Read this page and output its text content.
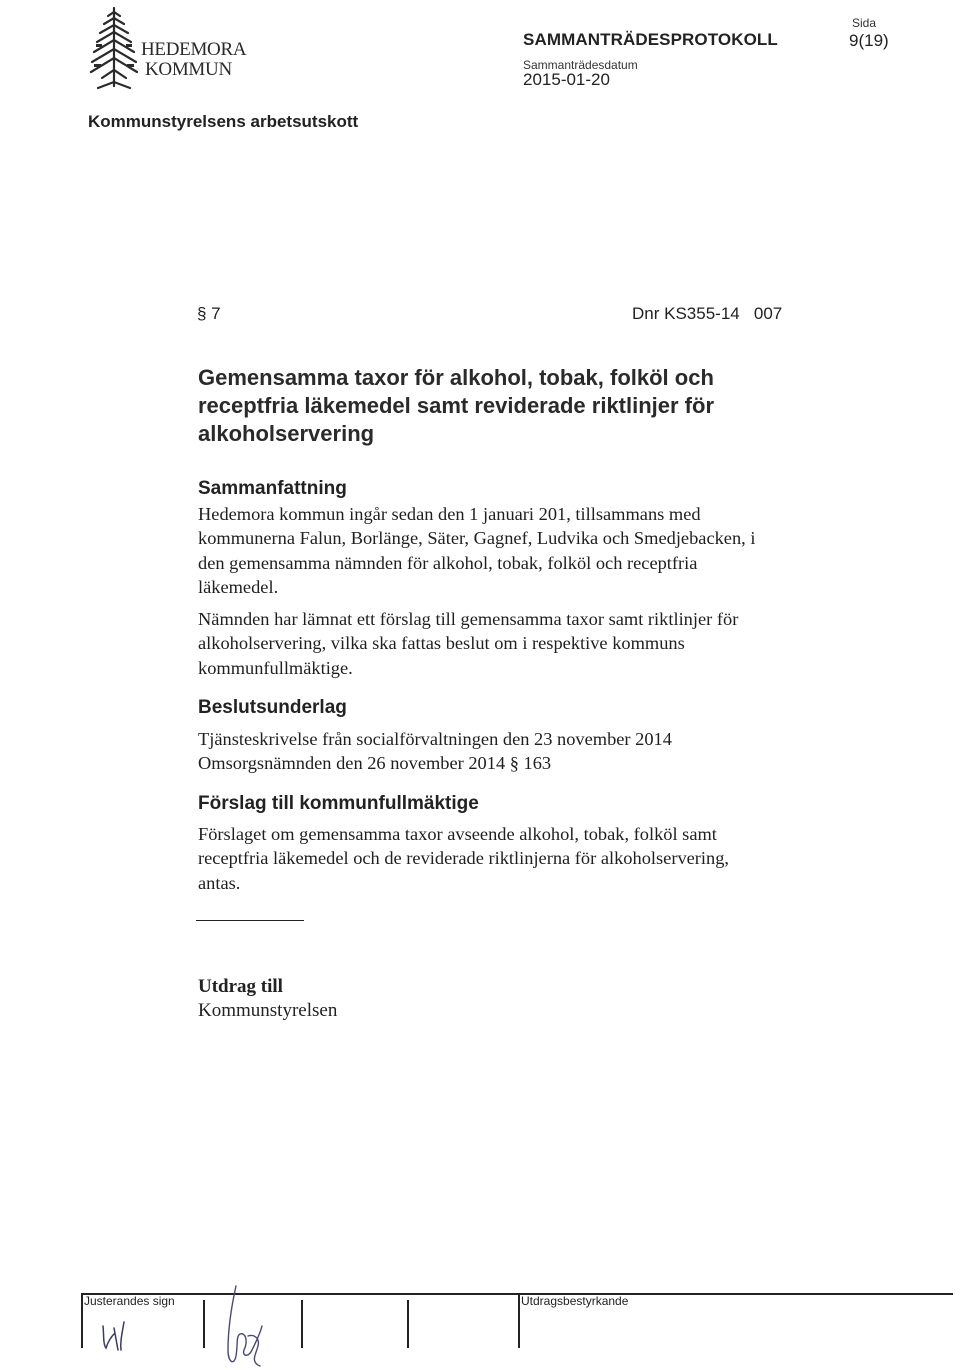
HEDEMORA
KOMMUN
SAMMANTRÄDESPROTOKOLL
Sammanträdesdatum
2015-01-20
Sida
9(19)
Kommunstyrelsens arbetsutskott
§ 7	Dnr KS355-14   007
Gemensamma taxor för alkohol, tobak, folköl och
receptfria läkemedel samt reviderade riktlinjer för
alkoholservering
Sammanfattning
Hedemora kommun ingår sedan den 1 januari 201, tillsammans med
kommunerna Falun, Borlänge, Säter, Gagnef, Ludvika och Smedjebacken, i
den gemensamma nämnden för alkohol, tobak, folköl och receptfria
läkemedel.
Nämnden har lämnat ett förslag till gemensamma taxor samt riktlinjer för
alkoholservering, vilka ska fattas beslut om i respektive kommuns
kommunfullmäktige.
Beslutsunderlag
Tjänsteskrivelse från socialförvaltningen den 23 november 2014
Omsorgsnämnden den 26 november 2014 § 163
Förslag till kommunfullmäktige
Förslaget om gemensamma taxor avseende alkohol, tobak, folköl samt
receptfria läkemedel och de reviderade riktlinjerna för alkoholservering,
antas.
Utdrag till
Kommunstyrelsen
Justerandes sign	Utdragsbestyrkande
